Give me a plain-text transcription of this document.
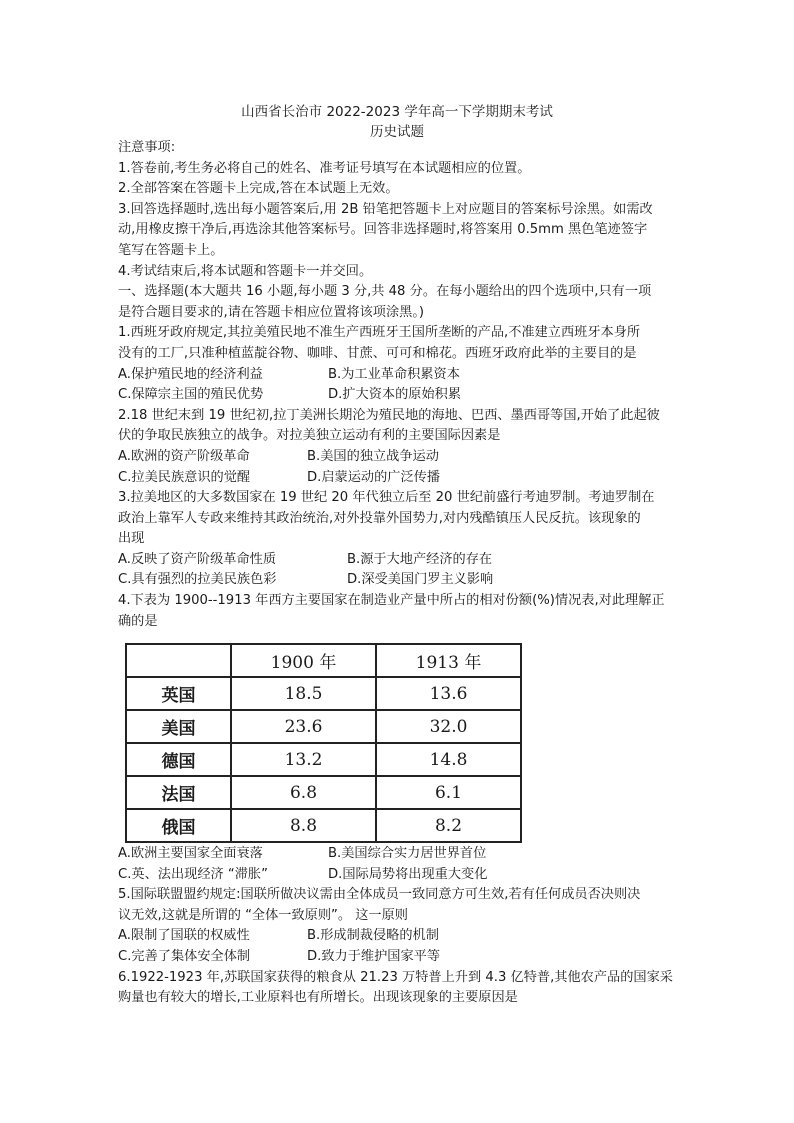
山西省长治市 2022-2023 学年高一下学期期末考试
历史试题
注意事项:
1.答卷前,考生务必将自己的姓名、准考证号填写在本试题相应的位置。
2.全部答案在答题卡上完成,答在本试题上无效。
3.回答选择题时,选出每小题答案后,用 2B 铅笔把答题卡上对应题目的答案标号涂黑。如需改
动,用橡皮擦干净后,再选涂其他答案标号。回答非选择题时,将答案用 0.5mm 黑色笔迹签字
笔写在答题卡上。
4.考试结束后,将本试题和答题卡一并交回。
一、选择题(本大题共 16 小题,每小题 3 分,共 48 分。在每小题给出的四个选项中,只有一项
是符合题目要求的,请在答题卡相应位置将该项涂黑。)
1.西班牙政府规定,其拉美殖民地不准生产西班牙王国所垄断的产品,不准建立西班牙本身所
没有的工厂,只准种植蓝靛谷物、咖啡、甘蔗、可可和棉花。西班牙政府此举的主要目的是
A.保护殖民地的经济利益	B.为工业革命积累资本
C.保障宗主国的殖民优势	D.扩大资本的原始积累
2.18 世纪末到 19 世纪初,拉丁美洲长期沦为殖民地的海地、巴西、墨西哥等国,开始了此起彼
伏的争取民族独立的战争。对拉美独立运动有利的主要国际因素是
A.欧洲的资产阶级革命	B.美国的独立战争运动
C.拉美民族意识的觉醒	D.启蒙运动的广泛传播
3.拉美地区的大多数国家在 19 世纪 20 年代独立后至 20 世纪前盛行考迪罗制。考迪罗制在
政治上靠军人专政来维持其政治统治,对外投靠外国势力,对内残酷镇压人民反抗。该现象的
出现
A.反映了资产阶级革命性质	B.源于大地产经济的存在
C.具有强烈的拉美民族色彩	D.深受美国门罗主义影响
4.下表为 1900--1913 年西方主要国家在制造业产量中所占的相对份额(%)情况表,对此理解正
确的是
	1900 年	1913 年
英国	18.5	13.6
美国	23.6	32.0
德国	13.2	14.8
法国	6.8	6.1
俄国	8.8	8.2
A.欧洲主要国家全面衰落	B.美国综合实力居世界首位
C.英、法出现经济 “滞胀”	D.国际局势将出现重大变化
5.国际联盟盟约规定:国联所做决议需由全体成员一致同意方可生效,若有任何成员否决则决
议无效,这就是所谓的 “全体一致原则”。 这一原则
A.限制了国联的权威性	B.形成制裁侵略的机制
C.完善了集体安全体制	D.致力于维护国家平等
6.1922-1923 年,苏联国家获得的粮食从 21.23 万特普上升到 4.3 亿特普,其他农产品的国家采
购量也有较大的增长,工业原料也有所增长。出现该现象的主要原因是
